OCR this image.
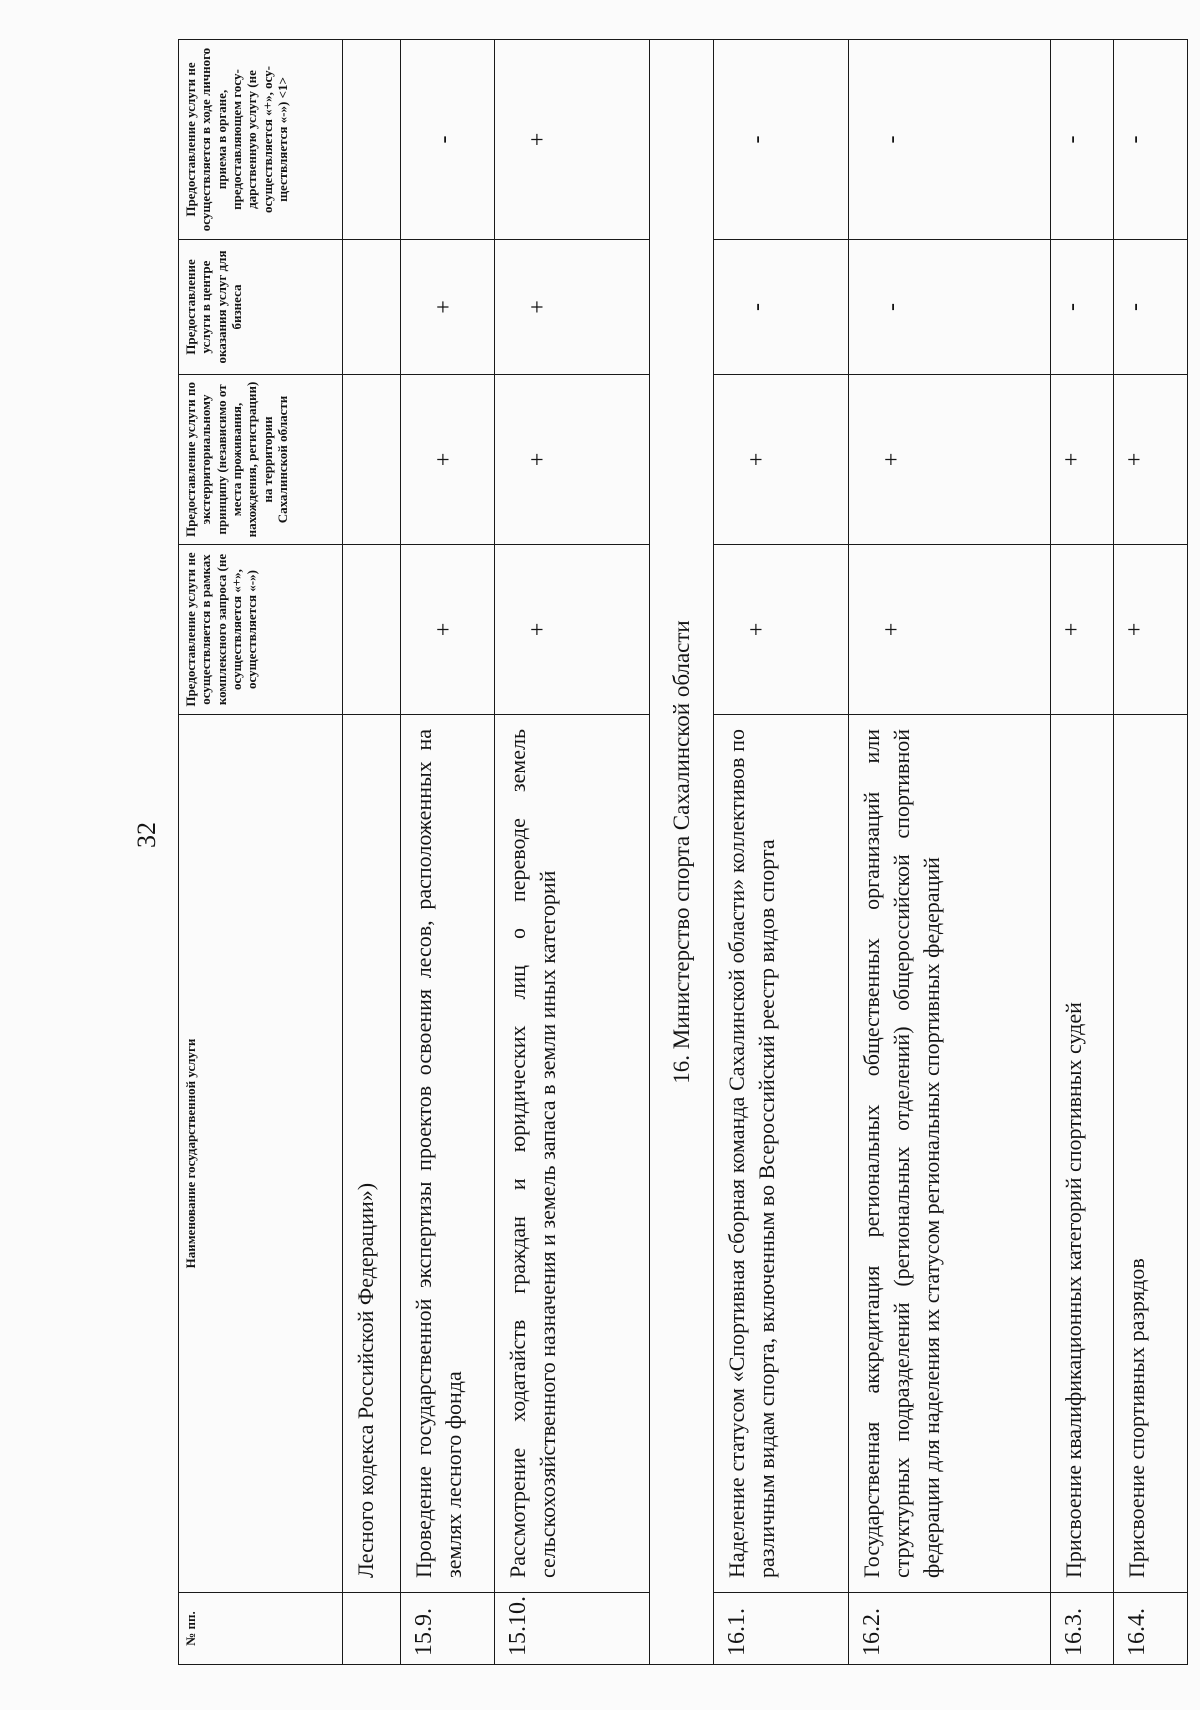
32
№ пп.	Наименование государственной услуги	Предоставление услуги не осуществляется в рамках комплексного запроса (не осуществляется «+», осуществляется «-»)	Предоставление услуги по экстерриториальному принципу (независимо от места проживания, нахождения, регистрации) на территории Сахалинской области	Предоставление услуги в центре оказания услуг для бизнеса	Предоставление услуги не осуществляется в ходе личного приема в органе, предоставляющем государственную услугу (не осуществляется «+», осуществляется «-») <1>
	Лесного кодекса Российской Федерации»)				
15.9.	Проведение государственной экспертизы проектов освоения лесов, расположенных на землях лесного фонда	+	+	+	-
15.10.	Рассмотрение ходатайств граждан и юридических лиц о переводе земель сельскохозяйственного назначения и земель запаса в земли иных категорий	+	+	+	+
16. Министерство спорта Сахалинской области					
16.1.	Наделение статусом «Спортивная сборная команда Сахалинской области» коллективов по различным видам спорта, включенным во Всероссийский реестр видов спорта	+	+	-	-
16.2.	Государственная аккредитация региональных общественных организаций или структурных подразделений (региональных отделений) общероссийской спортивной федерации для наделения их статусом региональных спортивных федераций	+	+	-	-
16.3.	Присвоение квалификационных категорий спортивных судей	+	+	-	-
16.4.	Присвоение спортивных разрядов	+	+	-	-
